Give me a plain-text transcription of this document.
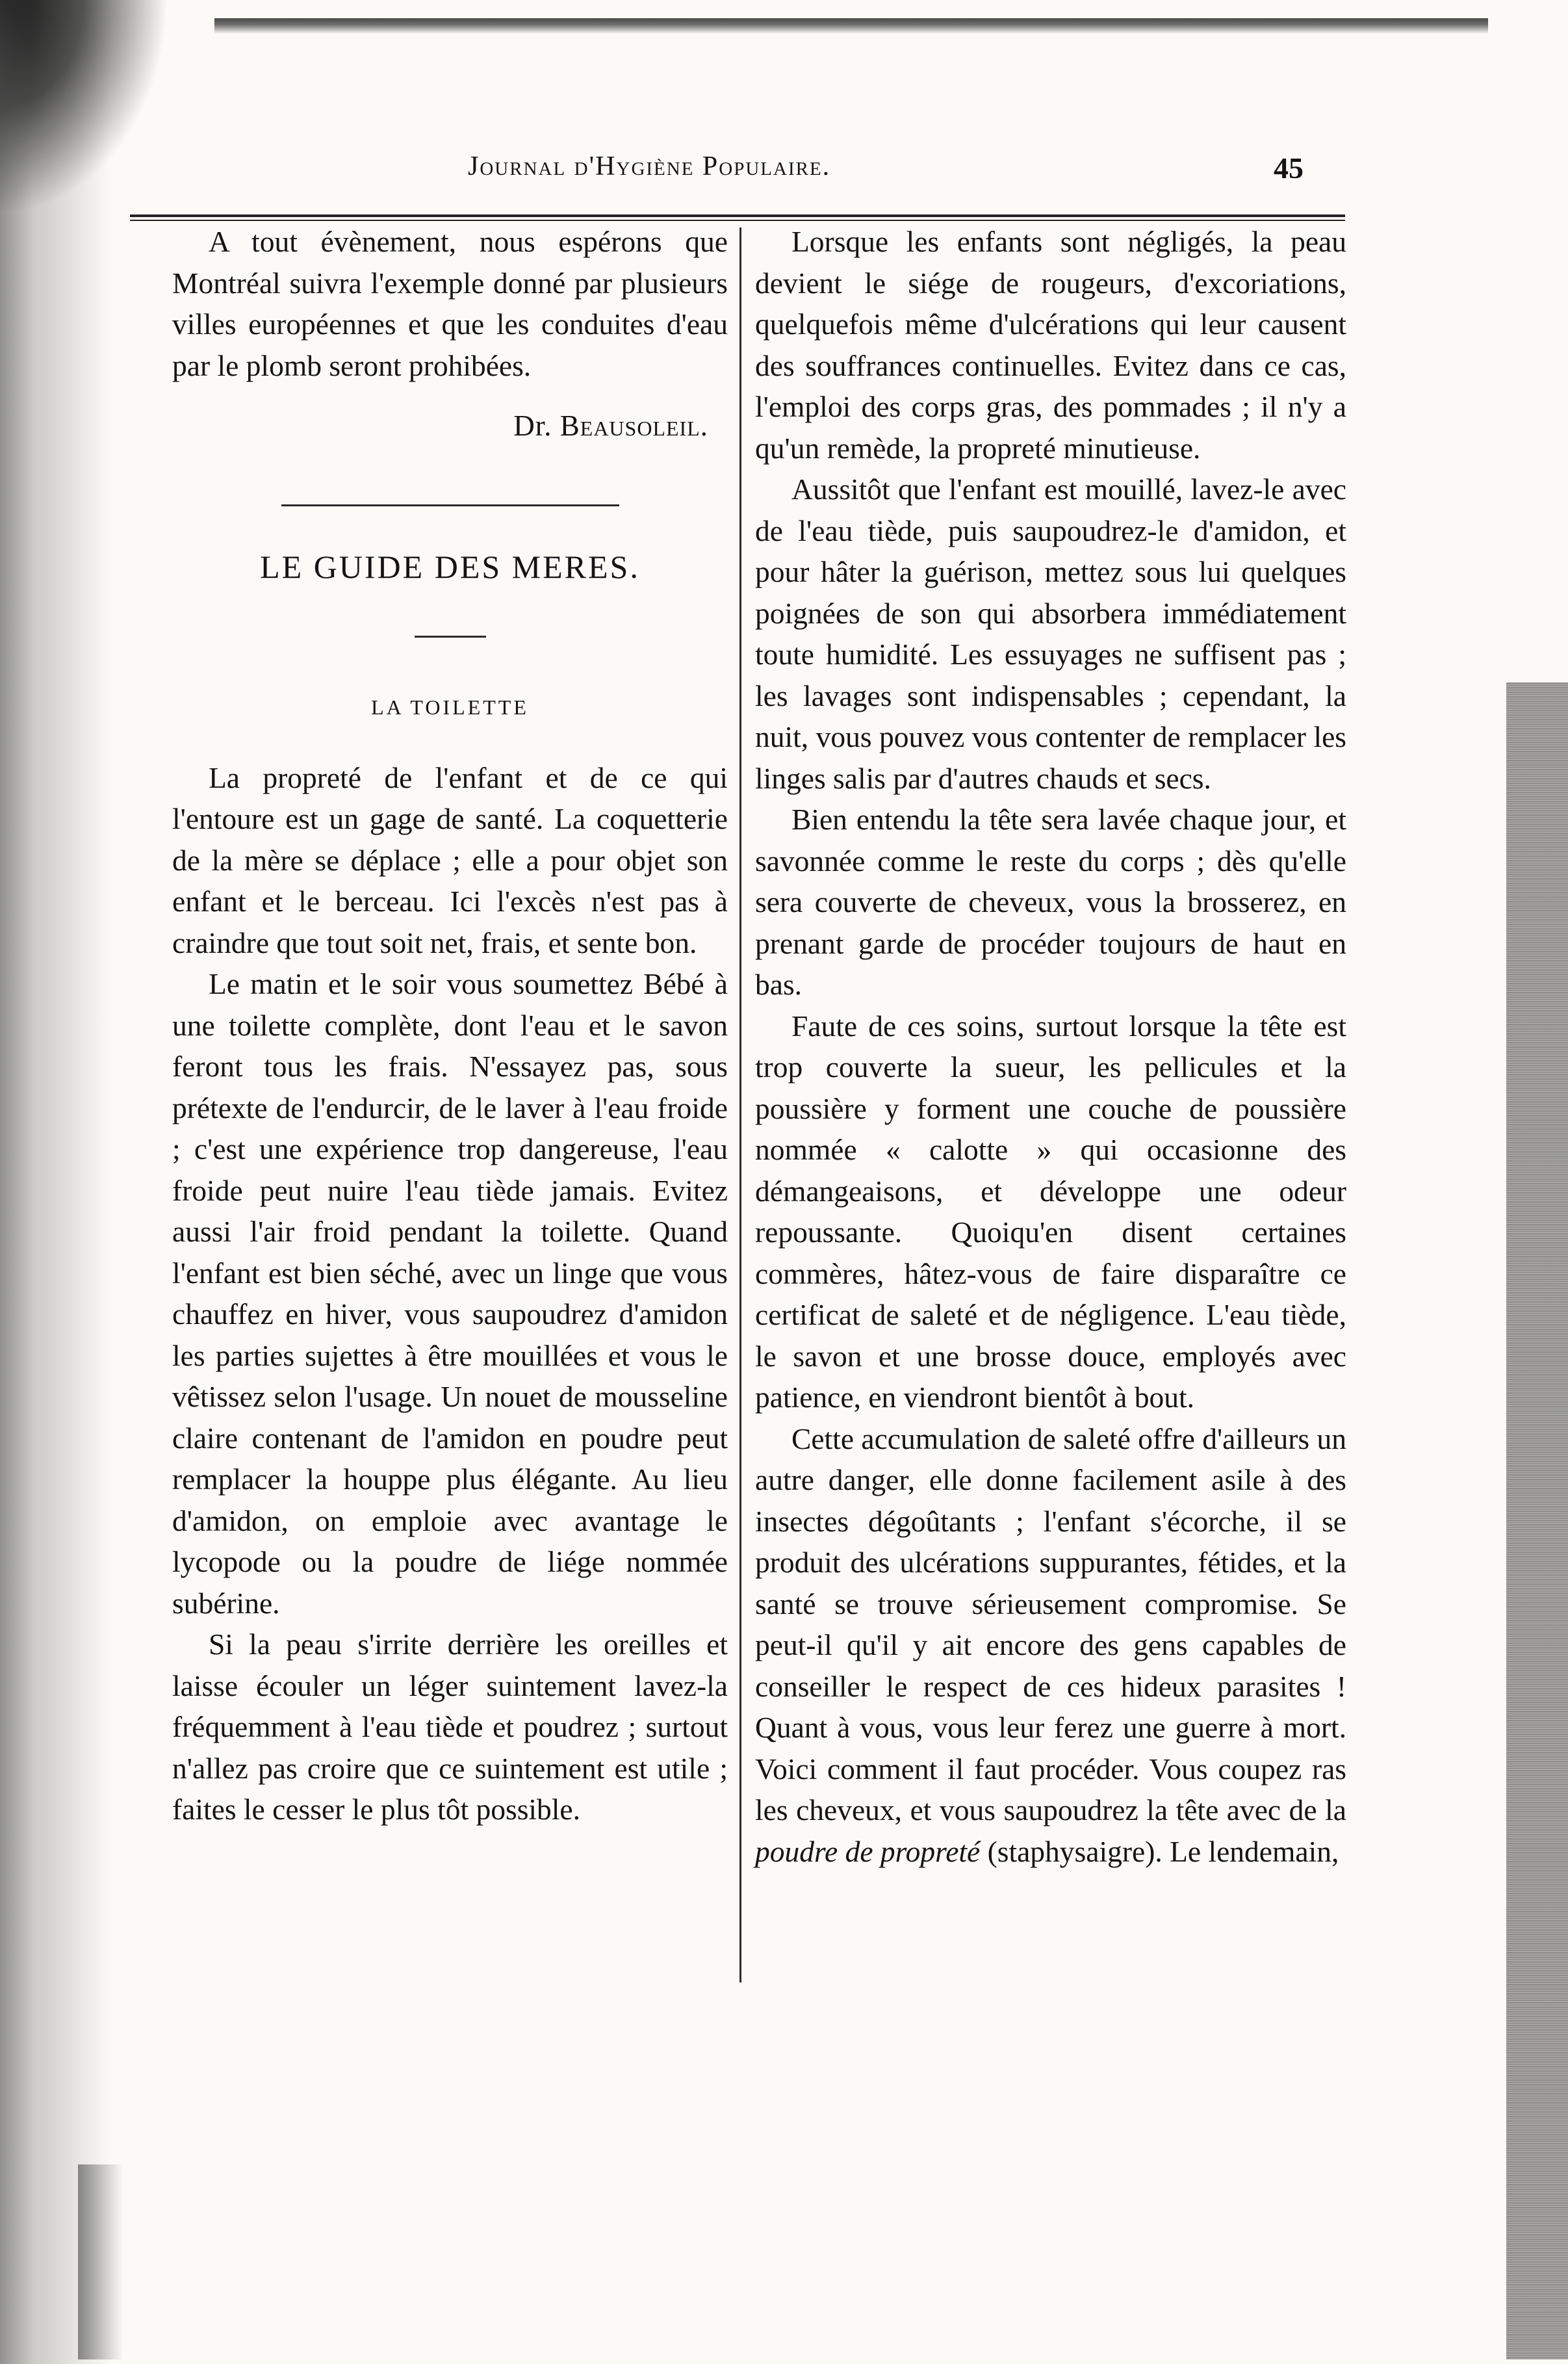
Journal d'Hygiène Populaire.	45

A tout évènement, nous espérons que Montréal suivra l'exemple donné par plusieurs villes européennes et que les conduites d'eau par le plomb seront prohibées.

Dr. Beausoleil.
LE GUIDE DES MERES.
LA TOILETTE

La propreté de l'enfant et de ce qui l'entoure est un gage de santé. La coquetterie de la mère se déplace ; elle a pour objet son enfant et le berceau. Ici l'excès n'est pas à craindre que tout soit net, frais, et sente bon.

Le matin et le soir vous soumettez Bébé à une toilette complète, dont l'eau et le savon feront tous les frais. N'essayez pas, sous prétexte de l'endurcir, de le laver à l'eau froide ; c'est une expérience trop dangereuse, l'eau froide peut nuire l'eau tiède jamais. Evitez aussi l'air froid pendant la toilette. Quand l'enfant est bien séché, avec un linge que vous chauffez en hiver, vous saupoudrez d'amidon les parties sujettes à être mouillées et vous le vêtissez selon l'usage. Un nouet de mousseline claire contenant de l'amidon en poudre peut remplacer la houppe plus élégante. Au lieu d'amidon, on emploie avec avantage le lycopode ou la poudre de liége nommée subérine.

Si la peau s'irrite derrière les oreilles et laisse écouler un léger suintement lavez-la fréquemment à l'eau tiède et poudrez ; surtout n'allez pas croire que ce suintement est utile ; faites le cesser le plus tôt possible.

Lorsque les enfants sont négligés, la peau devient le siége de rougeurs, d'excoriations, quelquefois même d'ulcérations qui leur causent des souffrances continuelles. Evitez dans ce cas, l'emploi des corps gras, des pommades ; il n'y a qu'un remède, la propreté minutieuse.

Aussitôt que l'enfant est mouillé, lavez-le avec de l'eau tiède, puis saupoudrez-le d'amidon, et pour hâter la guérison, mettez sous lui quelques poignées de son qui absorbera immédiatement toute humidité. Les essuyages ne suffisent pas ; les lavages sont indispensables ; cependant, la nuit, vous pouvez vous contenter de remplacer les linges salis par d'autres chauds et secs.

Bien entendu la tête sera lavée chaque jour, et savonnée comme le reste du corps ; dès qu'elle sera couverte de cheveux, vous la brosserez, en prenant garde de procéder toujours de haut en bas.

Faute de ces soins, surtout lorsque la tête est trop couverte la sueur, les pellicules et la poussière y forment une couche de poussière nommée « calotte » qui occasionne des démangeaisons, et développe une odeur repoussante. Quoiqu'en disent certaines commères, hâtez-vous de faire disparaître ce certificat de saleté et de négligence. L'eau tiède, le savon et une brosse douce, employés avec patience, en viendront bientôt à bout.

Cette accumulation de saleté offre d'ailleurs un autre danger, elle donne facilement asile à des insectes dégoûtants ; l'enfant s'écorche, il se produit des ulcérations suppurantes, fétides, et la santé se trouve sérieusement compromise. Se peut-il qu'il y ait encore des gens capables de conseiller le respect de ces hideux parasites ! Quant à vous, vous leur ferez une guerre à mort. Voici comment il faut procéder. Vous coupez ras les cheveux, et vous saupoudrez la tête avec de la poudre de propreté (staphysaigre). Le lendemain,
